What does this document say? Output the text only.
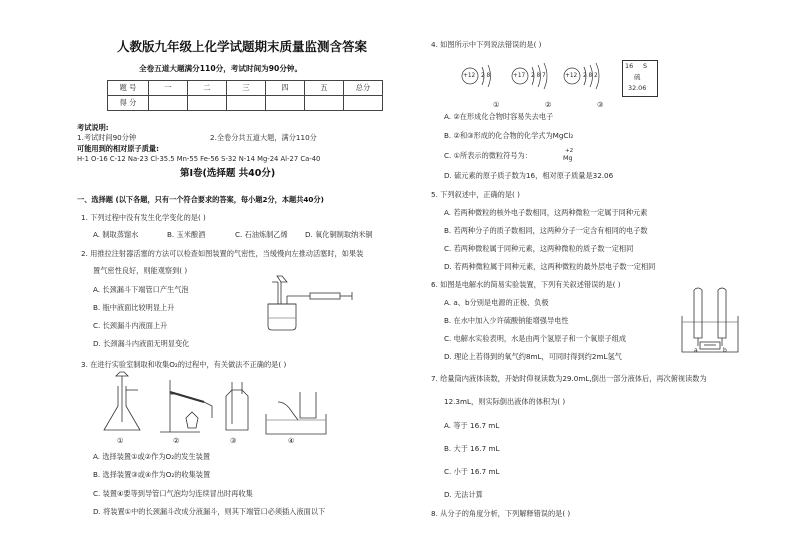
人教版九年级上化学试题期末质量监测含答案
全卷五道大题满分110分，考试时间为90分钟。
题 号	一	二	三	四	五	总分
得 分						
考试说明:
1.考试时间90分钟	2.全卷分共五道大题，满分110分
可能用到的相对原子质量:
H-1 O-16 C-12 Na-23 Cl-35.5 Mn-55 Fe-56 S-32 N-14 Mg-24 Al-27 Ca-40
第Ⅰ卷(选择题 共40分)
一、选择题 (以下各题，只有一个符合要求的答案，每小题2分，本题共40分)
1. 下列过程中没有发生化学变化的是( )
A. 制取蒸馏水	B. 玉米酿酒	C. 石油炼制乙烯 D. 氧化铜制取纳米铜
2. 用推拉注射器活塞的方法可以检查如图装置的气密性，当缓慢向左推动活塞时，如果装
置气密性良好，则能观察到( )
A. 长颈漏斗下端管口产生气泡
B. 瓶中液面比较明显上升
C. 长颈漏斗内液面上升
D. 长颈漏斗内液面无明显变化
3. 在进行实验室制取和收集O₂的过程中，有关做法不正确的是( )
①	②	③	④
A. 选择装置①或②作为O₂的发生装置
B. 选择装置③或④作为O₂的收集装置
C. 装置④要等到导管口气泡均匀连续冒出时再收集
D. 将装置①中的长颈漏斗改成分液漏斗，则其下端管口必须插入液面以下
4. 如图所示中下列说法错误的是( )
+12 2 8	+17 2 8 7	+12 2 8 2
①	②	③
16 S
硫
32.06
A. ②在形成化合物时容易失去电子
B. ②和③形成的化合物的化学式为MgCl₂
C. ①所表示的微粒符号为：	+2
Mg
D. 硫元素的原子质子数为16，相对原子质量是32.06
5. 下列叙述中，正确的是( )
A. 若两种微粒的核外电子数相同，这两种微粒一定属于同种元素
B. 若两种分子的质子数相同，这两种分子一定含有相同的电子数
C. 若两种微粒属于同种元素，这两种微粒的质子数一定相同
D. 若两种微粒属于同种元素，这两种微粒的最外层电子数一定相同
6. 如图是电解水的简易实验装置，下列有关叙述错误的是( )
A. a、b分别是电源的正极、负极
B. 在水中加入少许硫酸钠能增强导电性
C. 电解水实验表明，水是由两个氢原子和一个氧原子组成
D. 理论上若得到的氧气约8mL，可同时得到约2mL氢气
a	b
7. 给量筒内液体读数，开始时仰视读数为29.0mL,倒出一部分液体后，再次俯视读数为
12.3mL，则实际倒出液体的体积为( )
A. 等于 16.7 mL
B. 大于 16.7 mL
C. 小于 16.7 mL
D. 无法计算
8. 从分子的角度分析，下列解释错误的是( )
